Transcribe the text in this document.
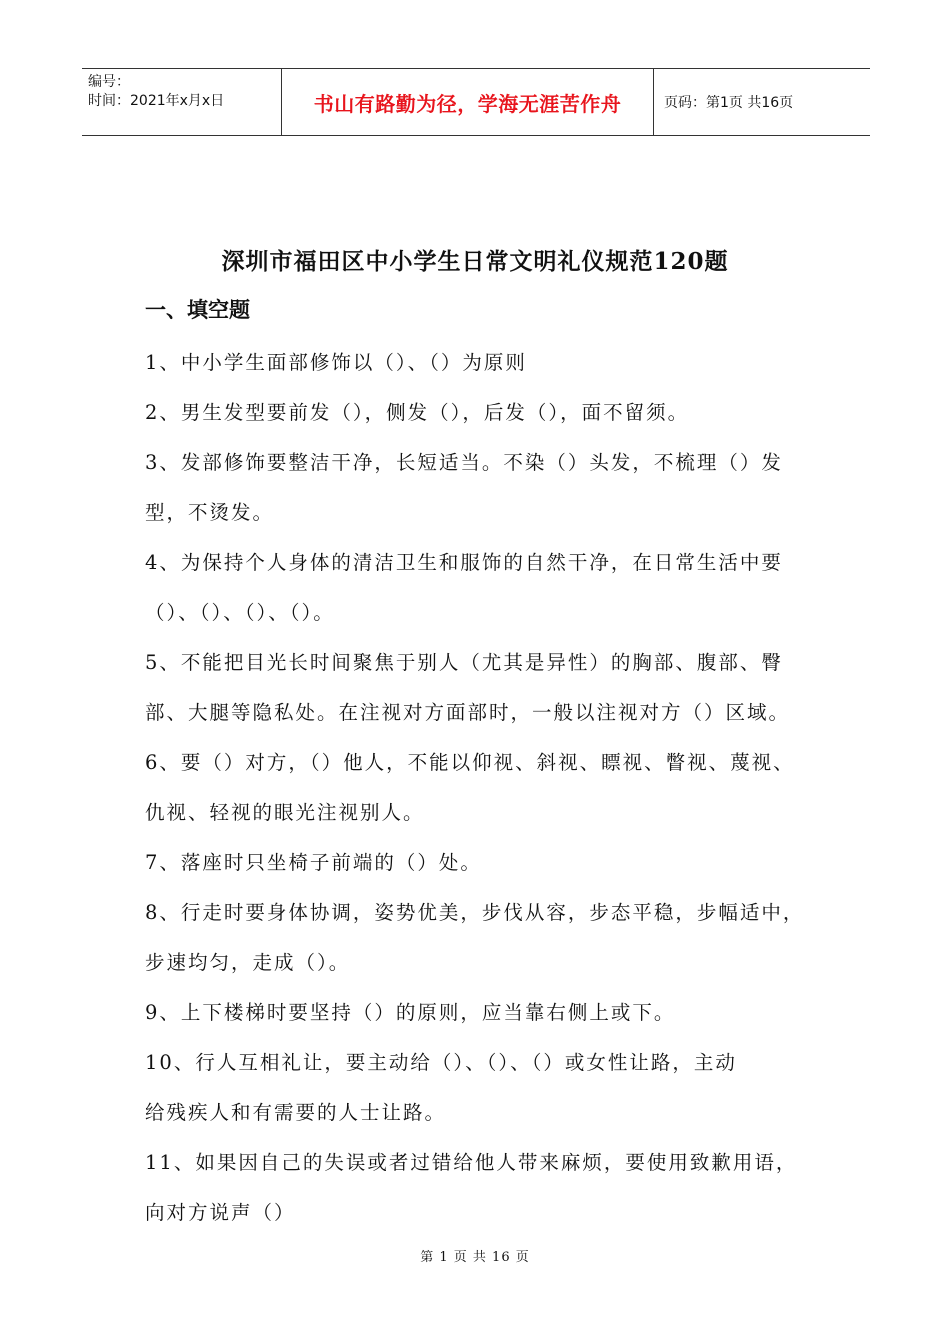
编号：
时间：2021年x月x日	书山有路勤为径，学海无涯苦作舟	页码：第1页 共16页
深圳市福田区中小学生日常文明礼仪规范120题
一、填空题
1、中小学生面部修饰以（）、（）为原则
2、男生发型要前发（），侧发（），后发（），面不留须。
3、发部修饰要整洁干净，长短适当。不染（）头发，不梳理（）发
型，不烫发。
4、为保持个人身体的清洁卫生和服饰的自然干净，在日常生活中要
（）、（）、（）、（）。
5、不能把目光长时间聚焦于别人（尤其是异性）的胸部、腹部、臀
部、大腿等隐私处。在注视对方面部时，一般以注视对方（）区域。
6、要（）对方，（）他人，不能以仰视、斜视、瞟视、瞥视、蔑视、
仇视、轻视的眼光注视别人。
7、落座时只坐椅子前端的（）处。
8、行走时要身体协调，姿势优美，步伐从容，步态平稳，步幅适中，
步速均匀，走成（）。
9、上下楼梯时要坚持（）的原则，应当靠右侧上或下。
10、行人互相礼让，要主动给（）、（）、（）或女性让路，主动
给残疾人和有需要的人士让路。
11、如果因自己的失误或者过错给他人带来麻烦，要使用致歉用语，
向对方说声（）
第 1 页 共 16 页
